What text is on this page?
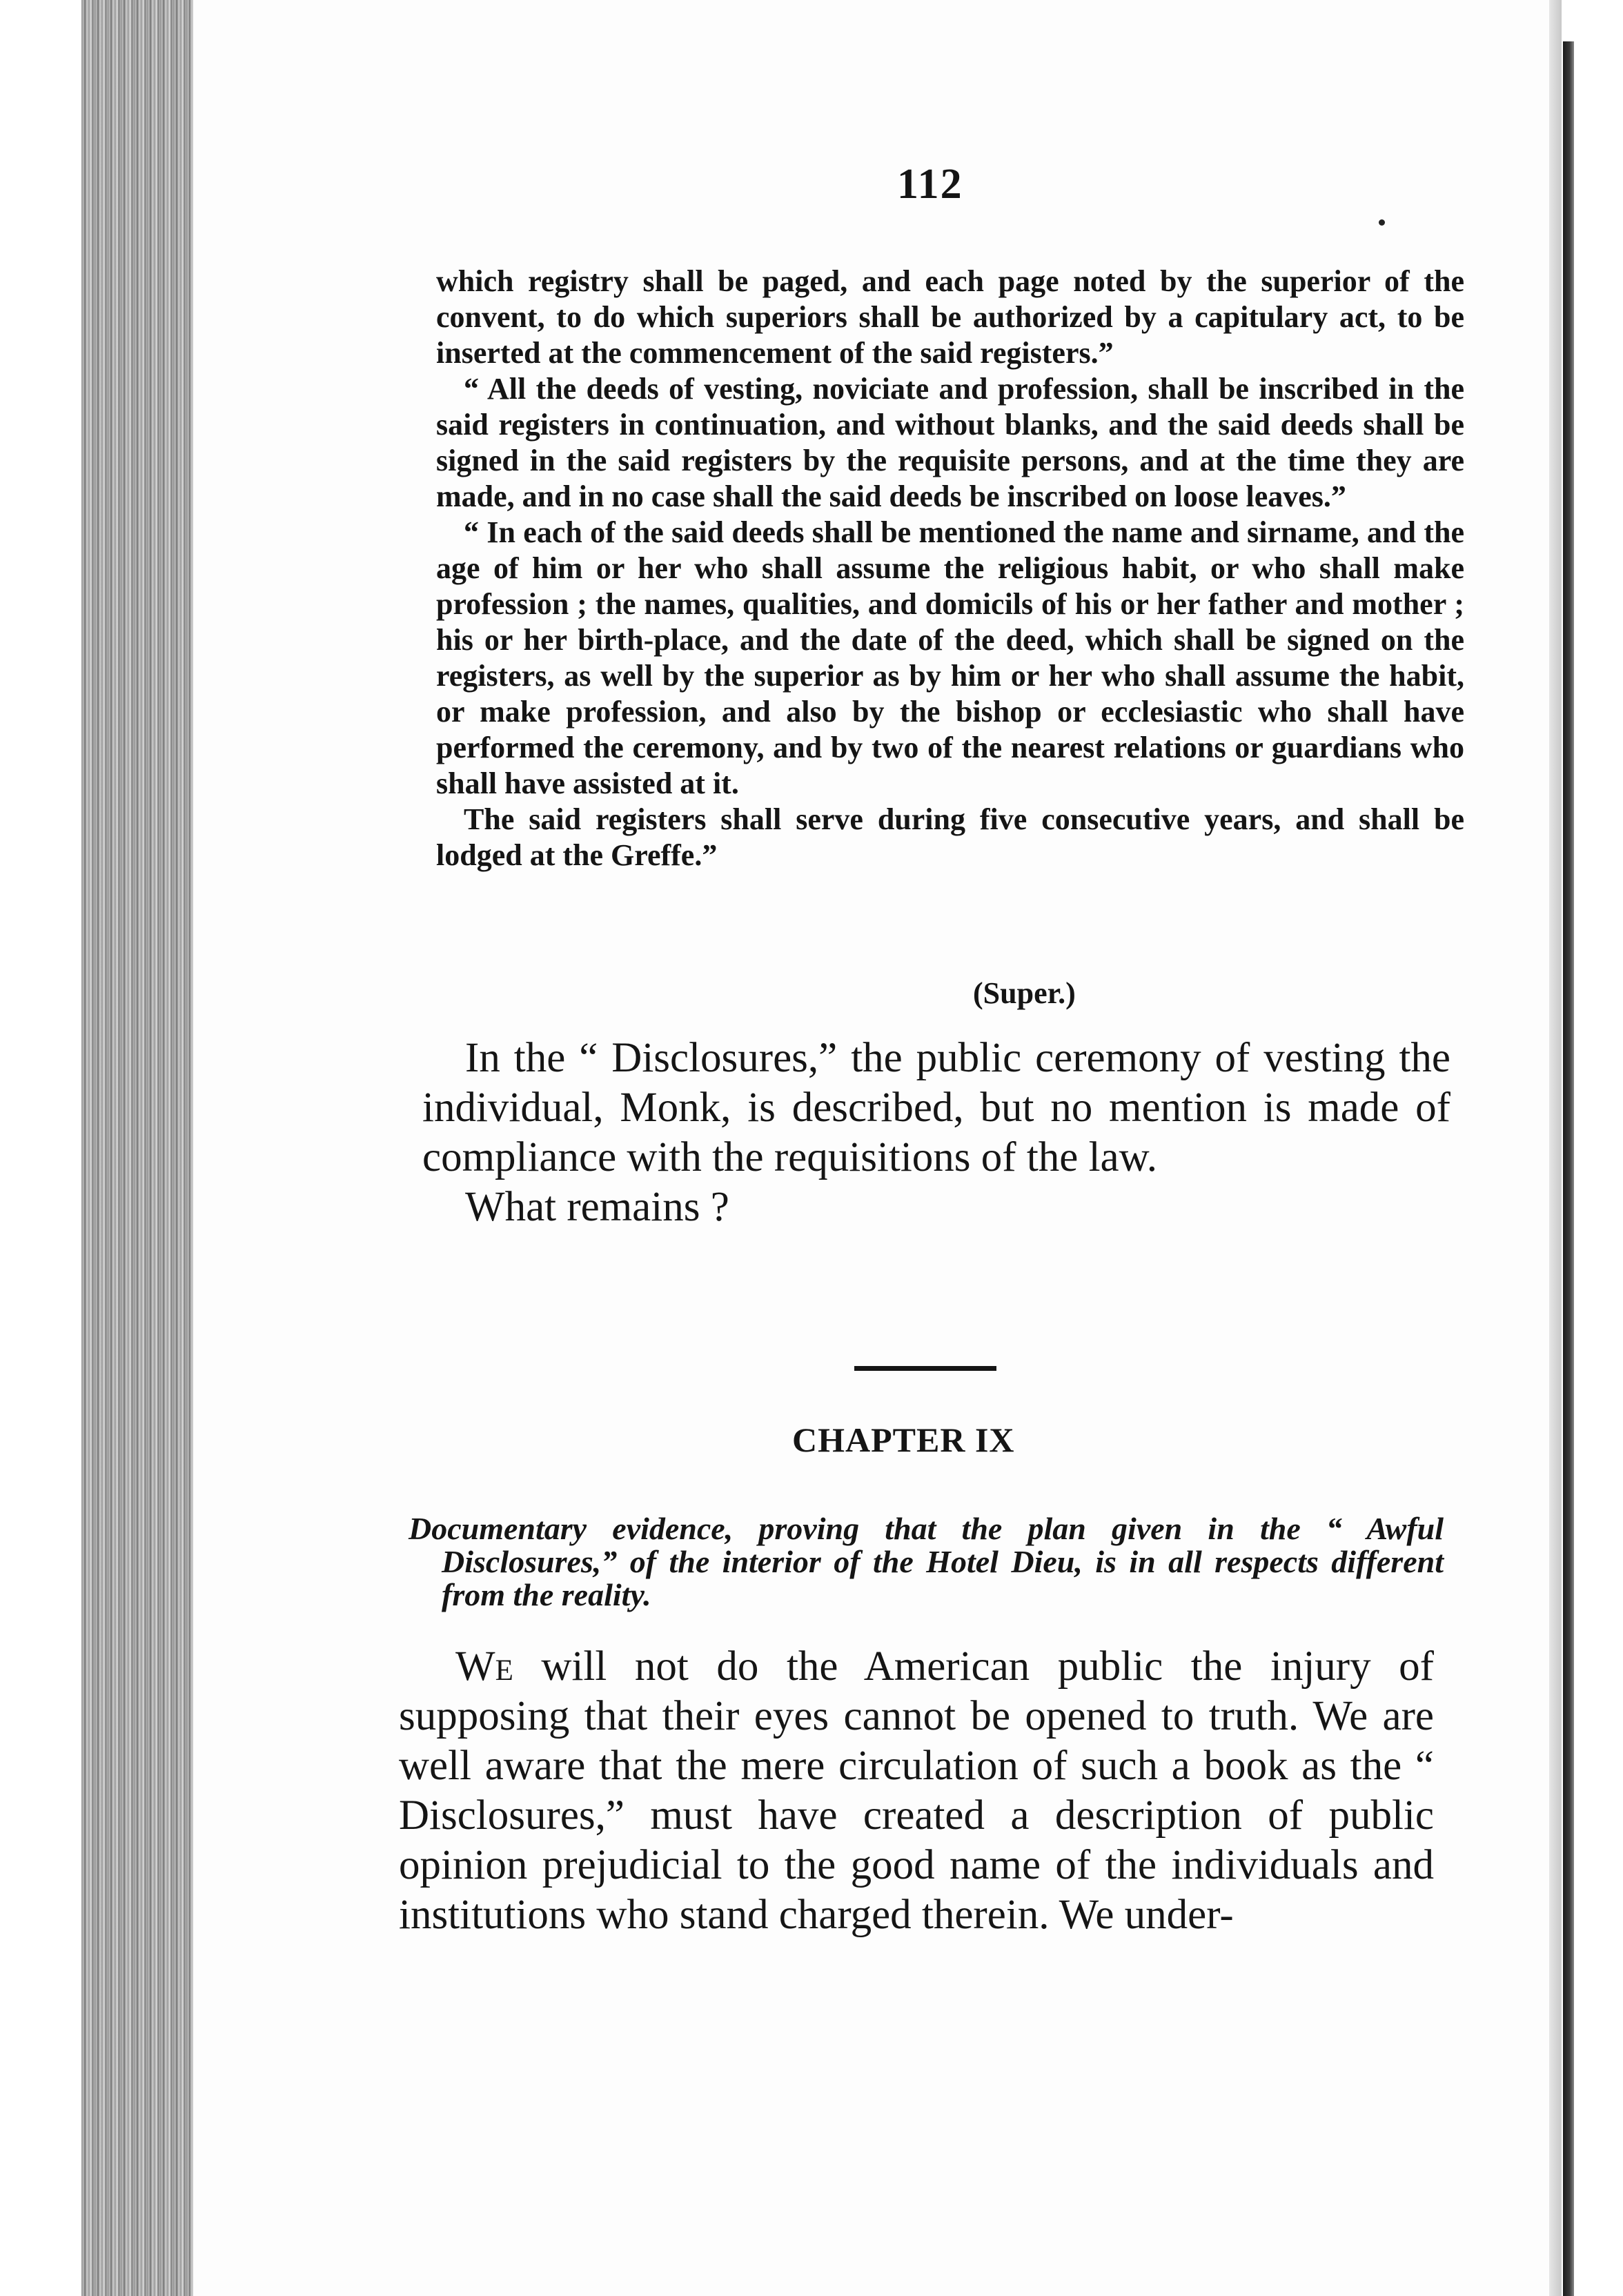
112

which registry shall be paged, and each page noted by the superior of the convent, to do which superiors shall be authorized by a capitulary act, to be inserted at the commencement of the said registers.”

“ All the deeds of vesting, noviciate and profession, shall be inscribed in the said registers in continuation, and without blanks, and the said deeds shall be signed in the said registers by the requisite persons, and at the time they are made, and in no case shall the said deeds be inscribed on loose leaves.”

“ In each of the said deeds shall be mentioned the name and sirname, and the age of him or her who shall assume the religious habit, or who shall make profession ; the names, qualities, and domicils of his or her father and mother ; his or her birth-place, and the date of the deed, which shall be signed on the registers, as well by the superior as by him or her who shall assume the habit, or make profession, and also by the bishop or ecclesiastic who shall have performed the ceremony, and by two of the nearest relations or guardians who shall have assisted at it.

The said registers shall serve during five consecutive years, and shall be lodged at the Greffe.”

(Super.)

In the “ Disclosures,” the public ceremony of vesting the individual, Monk, is described, but no mention is made of compliance with the requisitions of the law.

What remains ?

CHAPTER IX

Documentary evidence, proving that the plan given in the “ Awful Disclosures,” of the interior of the Hotel Dieu, is in all respects different from the reality.

We will not do the American public the injury of supposing that their eyes cannot be opened to truth. We are well aware that the mere circulation of such a book as the “ Disclosures,” must have created a description of public opinion prejudicial to the good name of the individuals and institutions who stand charged therein. We under-
